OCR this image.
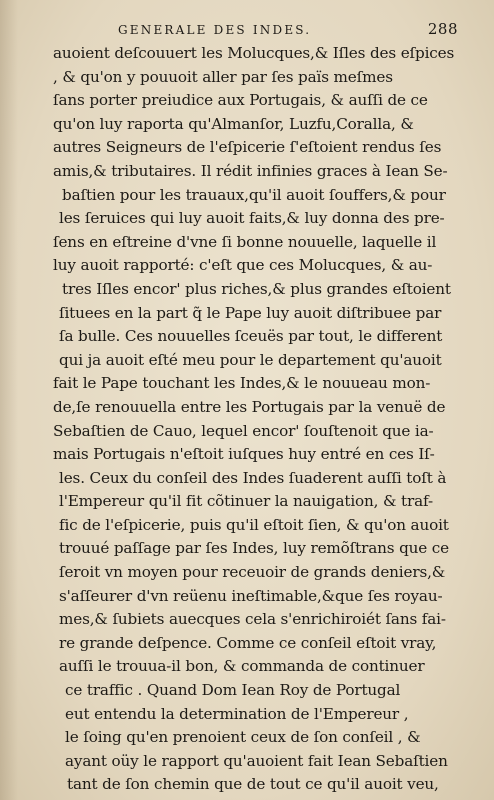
GENERALE DES INDES.	288
auoient deſcouuert les Molucques,& Iſles des eſpices
, & qu'on y pouuoit aller par ſes païs meſmes
ſans porter preiudice aux Portugais, & auſſi de ce
qu'on luy raporta qu'Almanſor, Luzfu,Coralla, &
autres Seigneurs de l'eſpicerie ſ'eſtoient rendus ſes
amis,& tributaires. Il rédit infinies graces à Iean Se-
baſtien pour les trauaux,qu'il auoit ſouffers,& pour
les ſeruices qui luy auoit faits,& luy donna des pre-
ſens en eſtreine d'vne ſi bonne nouuelle, laquelle il
luy auoit rapporté: c'eſt que ces Molucques, & au-
tres Iſles encor' plus riches,& plus grandes eſtoient
ſituees en la part q̃ le Pape luy auoit diſtribuee par
ſa bulle. Ces nouuelles ſceuës par tout, le different
qui ja auoit eſté meu pour le departement qu'auoit
fait le Pape touchant les Indes,& le nouueau mon-
de,ſe renouuella entre les Portugais par la venuë de
Sebaſtien de Cauo, lequel encor' ſouſtenoit que ia-
mais Portugais n'eſtoit iuſques huy entré en ces Iſ-
les. Ceux du conſeil des Indes ſuaderent auſſi toſt à
l'Empereur qu'il fit cõtinuer la nauigation, & traf-
fic de l'eſpicerie, puis qu'il eſtoit ſien, & qu'on auoit
trouué paſſage par ſes Indes, luy remõſtrans que ce
ſeroit vn moyen pour receuoir de grands deniers,&
s'aſſeurer d'vn reüenu ineſtimable,&que ſes royau-
mes,& ſubiets auecques cela s'enrichiroiét ſans fai-
re grande deſpence. Comme ce conſeil eſtoit vray,
auſſi le trouua-il bon, & commanda de continuer
ce traffic . Quand Dom Iean Roy de Portugal
eut entendu la determination de l'Empereur ,
le ſoing qu'en prenoient ceux de ſon conſeil , &
ayant oüy le rapport qu'auoient fait Iean Sebaſtien
tant de ſon chemin que de tout ce qu'il auoit veu,
